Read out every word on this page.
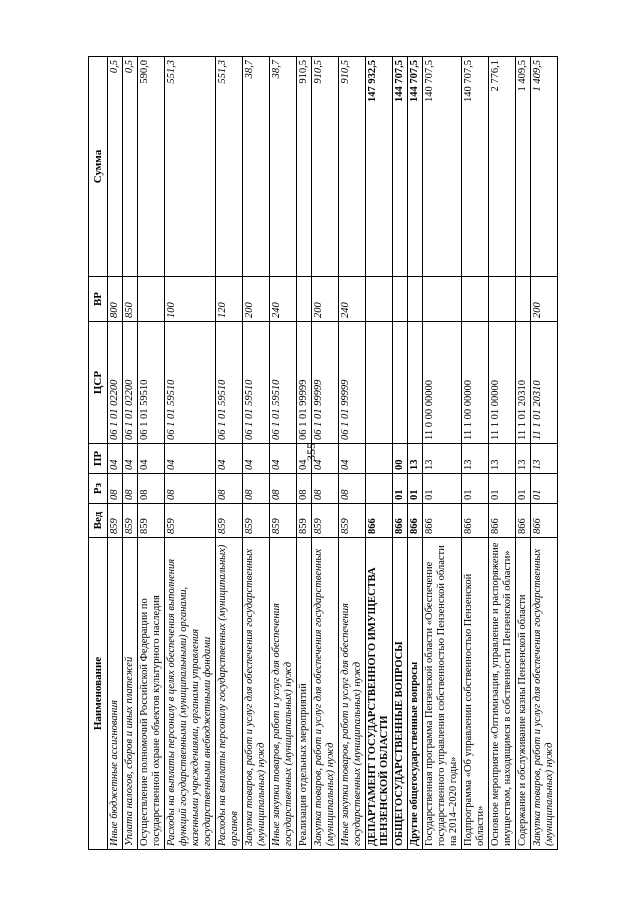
355
Наименование	Вед	Рз	ПР	ЦСР	ВР	Сумма
Иные бюджетные ассигнования	859	08	04	06 1 01 02200	800	0,5
Уплата налогов, сборов и иных платежей	859	08	04	06 1 01 02200	850	0,5
Осуществление полномочий Российской Федерации по государственной охране объектов культурного наследия	859	08	04	06 1 01 59510		590,0
Расходы на выплаты персоналу в целях обеспечения выполнения функций государственными (муниципальными) органами, казенными учреждениями, органами управления государственными внебюджетными фондами	859	08	04	06 1 01 59510	100	551,3
Расходы на выплаты персоналу государственных (муниципальных) органов	859	08	04	06 1 01 59510	120	551,3
Закупка товаров, работ и услуг для обеспечения государственных (муниципальных) нужд	859	08	04	06 1 01 59510	200	38,7
Иные закупки товаров, работ и услуг для обеспечения государственных (муниципальных) нужд	859	08	04	06 1 01 59510	240	38,7
Реализация отдельных мероприятий	859	08	04	06 1 01 99999		910,5
Закупка товаров, работ и услуг для обеспечения государственных (муниципальных) нужд	859	08	04	06 1 01 99999	200	910,5
Иные закупки товаров, работ и услуг для обеспечения государственных (муниципальных) нужд	859	08	04	06 1 01 99999	240	910,5
ДЕПАРТАМЕНТ ГОСУДАРСТВЕННОГО ИМУЩЕСТВА ПЕНЗЕНСКОЙ ОБЛАСТИ	866					147 932,5
ОБЩЕГОСУДАРСТВЕННЫЕ ВОПРОСЫ	866	01	00			144 707,5
Другие общегосударственные вопросы	866	01	13			144 707,5
Государственная программа Пензенской области «Обеспечение государственного управления собственностью Пензенской области на 2014–2020 годы»	866	01	13	11 0 00 00000		140 707,5
Подпрограмма «Об управлении собственностью Пензенской области»	866	01	13	11 1 00 00000		140 707,5
Основное мероприятие «Оптимизация, управление и распоряжение имуществом, находящимся в собственности Пензенской области»	866	01	13	11 1 01 00000		2 776,1
Содержание и обслуживание казны Пензенской области	866	01	13	11 1 01 20310		1 409,5
Закупка товаров, работ и услуг для обеспечения государственных (муниципальных) нужд	866	01	13	11 1 01 20310	200	1 409,5
